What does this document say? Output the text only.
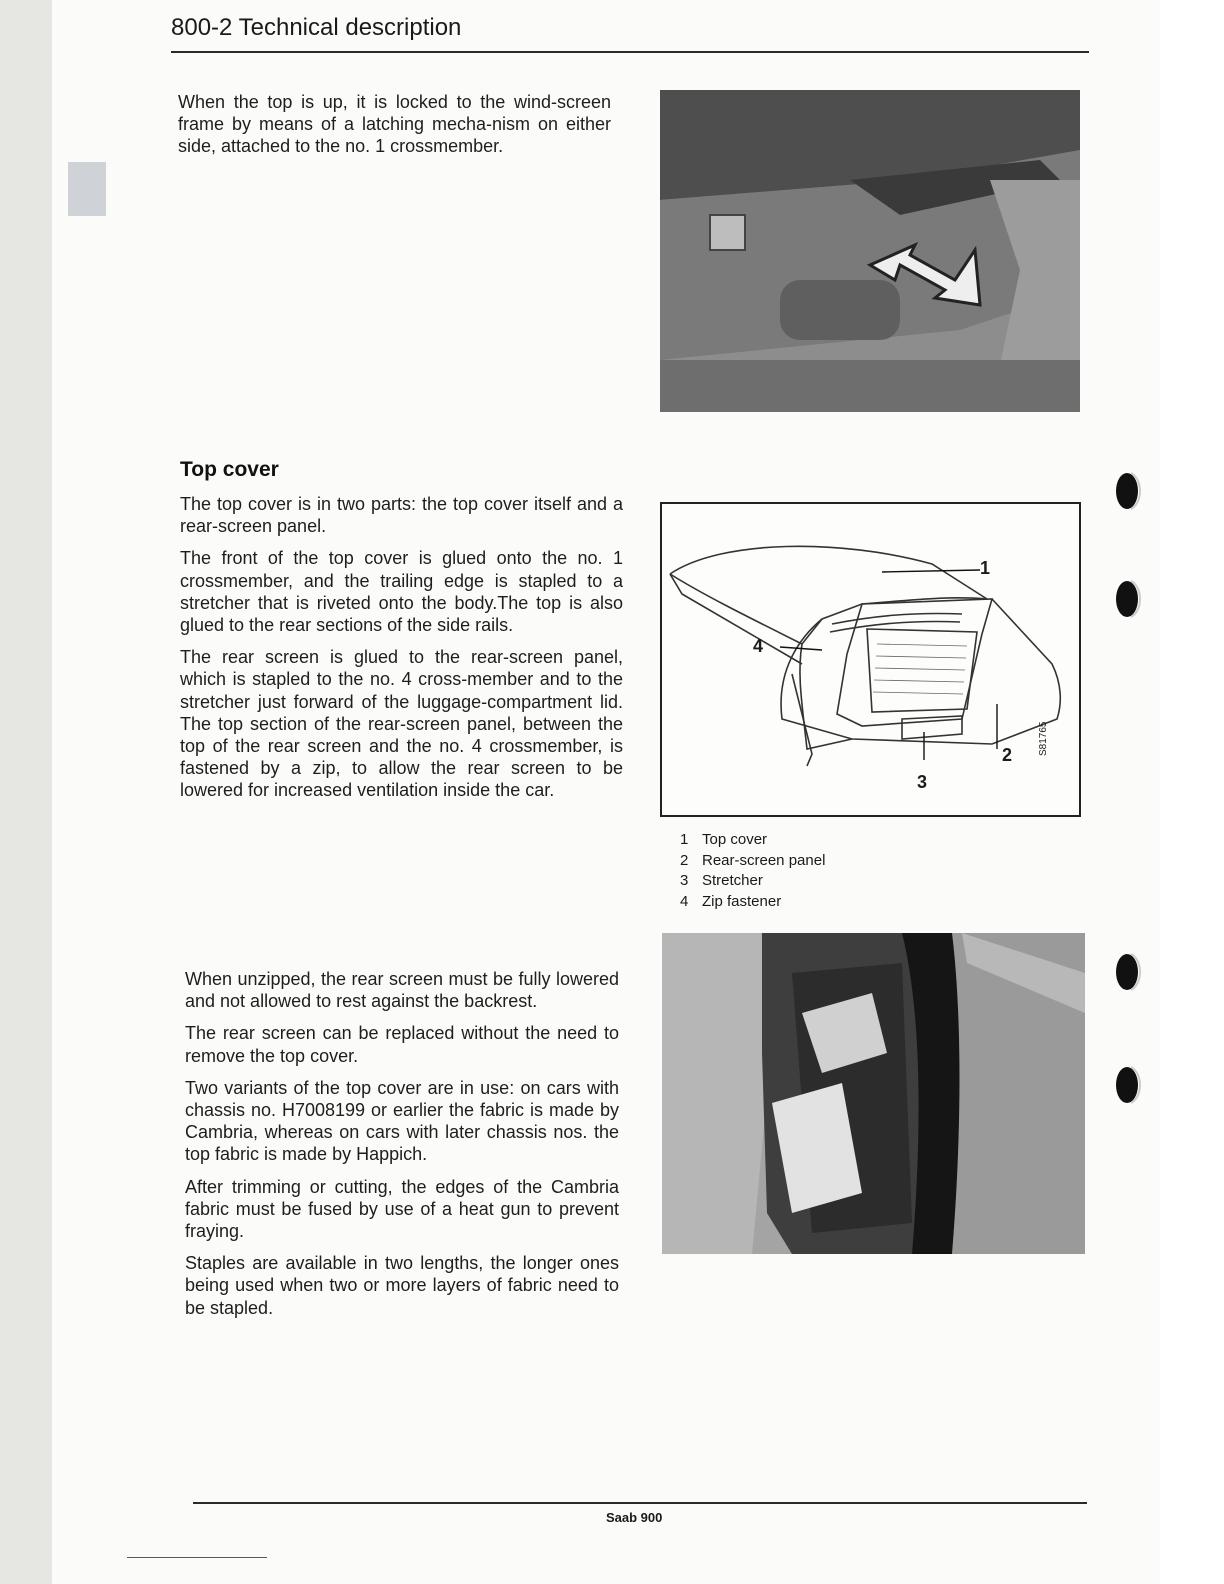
800-2 Technical description
When the top is up, it is locked to the wind-screen frame by means of a latching mecha-nism on either side, attached to the no. 1 crossmember.
Top cover

The top cover is in two parts: the top cover itself and a rear-screen panel.

The front of the top cover is glued onto the no. 1 crossmember, and the trailing edge is stapled to a stretcher that is riveted onto the body.The top is also glued to the rear sections of the side rails.

The rear screen is glued to the rear-screen panel, which is stapled to the no. 4 cross-member and to the stretcher just forward of the luggage-compartment lid. The top section of the rear-screen panel, between the top of the rear screen and the no. 4 crossmember, is fastened by a zip, to allow the rear screen to be lowered for increased ventilation inside the car.

1
2
3
4
S81765
1 Top cover
2 Rear-screen panel
3 Stretcher
4 Zip fastener

When unzipped, the rear screen must be fully lowered and not allowed to rest against the backrest.

The rear screen can be replaced without the need to remove the top cover.

Two variants of the top cover are in use: on cars with chassis no. H7008199 or earlier the fabric is made by Cambria, whereas on cars with later chassis nos. the top fabric is made by Happich.

After trimming or cutting, the edges of the Cambria fabric must be fused by use of a heat gun to prevent fraying.

Staples are available in two lengths, the longer ones being used when two or more layers of fabric need to be stapled.

Saab 900
